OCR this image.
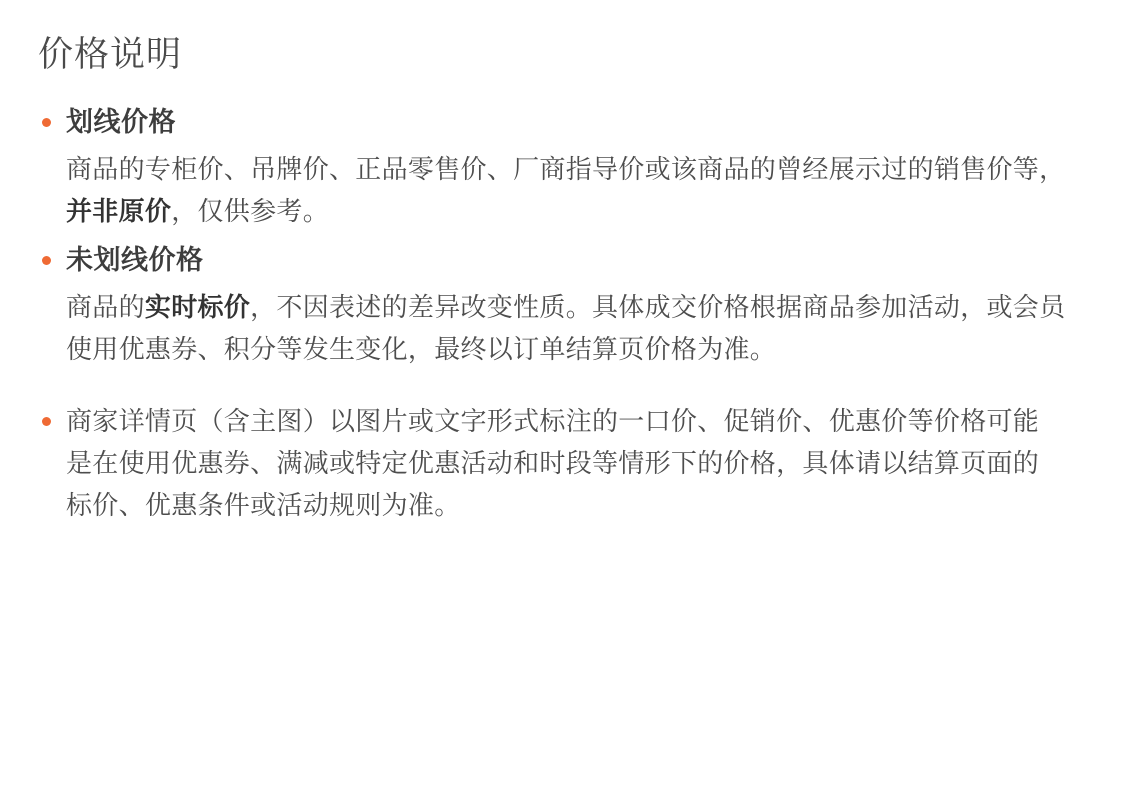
价格说明
划线价格

商品的专柜价、吊牌价、正品零售价、厂商指导价或该商品的曾经展示过的销售价等，并非原价，仅供参考。

未划线价格

商品的实时标价，不因表述的差异改变性质。具体成交价格根据商品参加活动，或会员使用优惠券、积分等发生变化，最终以订单结算页价格为准。

商家详情页（含主图）以图片或文字形式标注的一口价、促销价、优惠价等价格可能是在使用优惠券、满减或特定优惠活动和时段等情形下的价格，具体请以结算页面的标价、优惠条件或活动规则为准。
